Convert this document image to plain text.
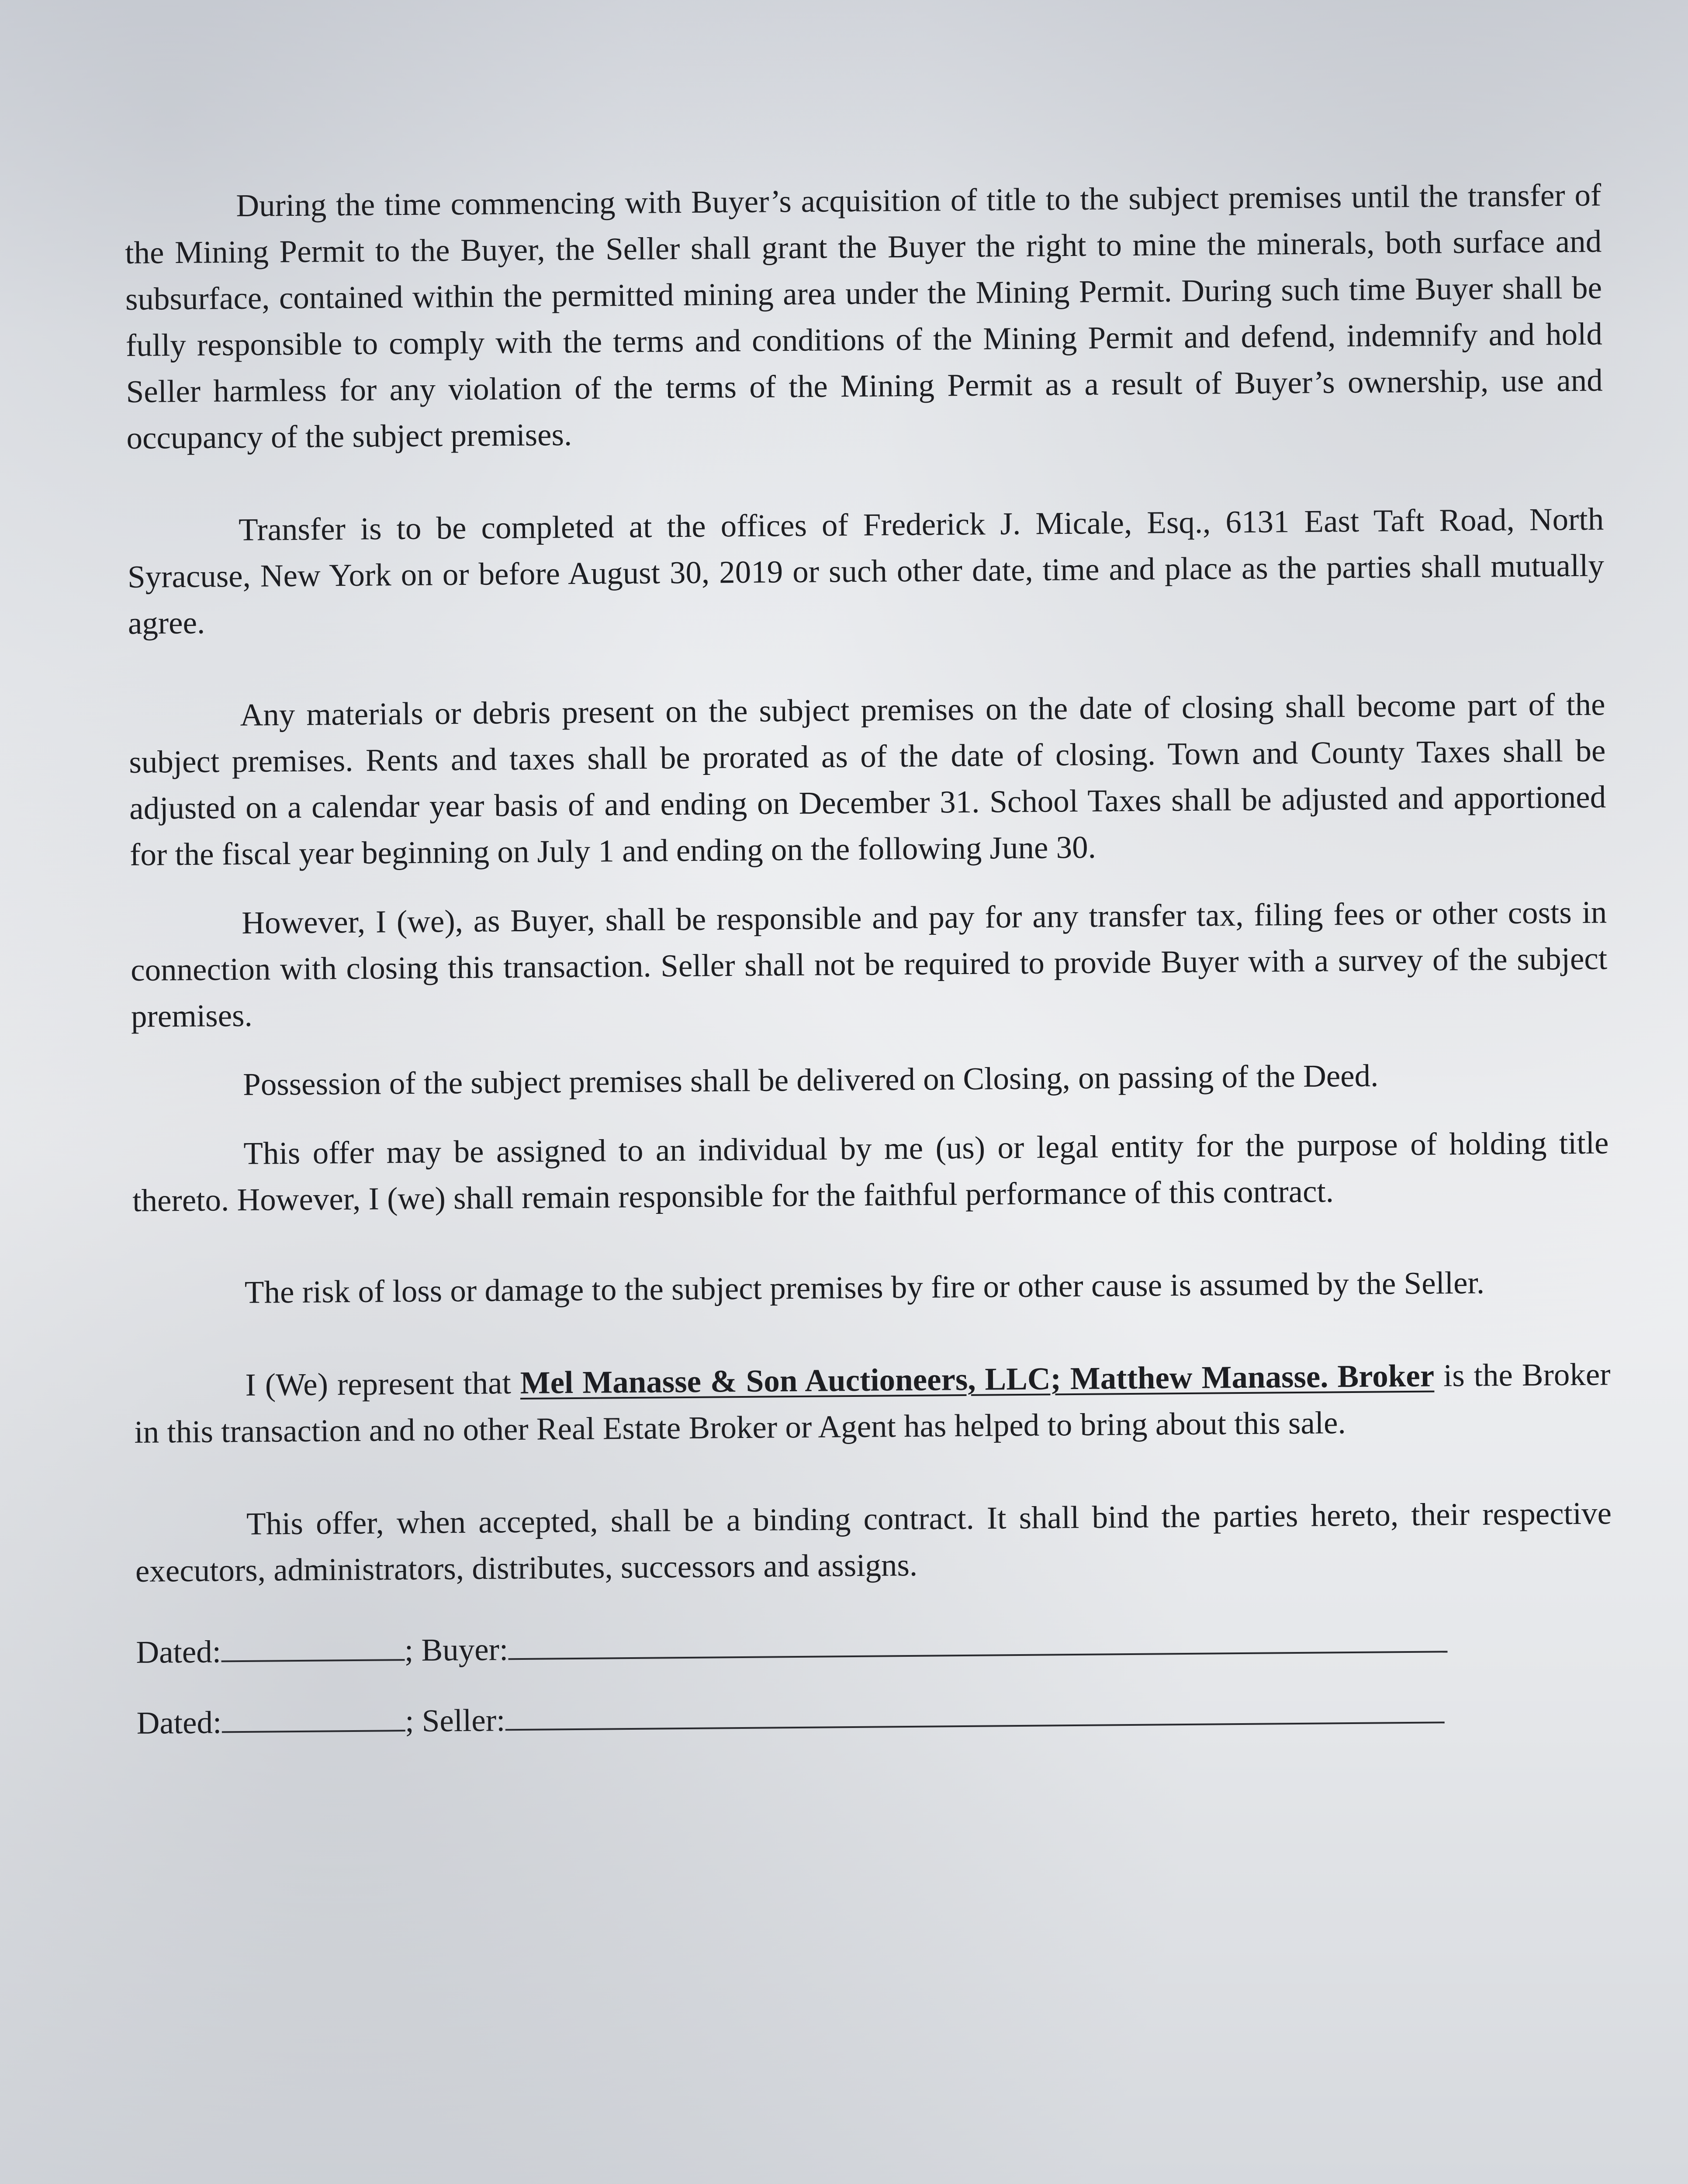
During the time commencing with Buyer’s acquisition of title to the subject premises until the transfer of the Mining Permit to the Buyer, the Seller shall grant the Buyer the right to mine the minerals, both surface and subsurface, contained within the permitted mining area under the Mining Permit. During such time Buyer shall be fully responsible to comply with the terms and conditions of the Mining Permit and defend, indemnify and hold Seller harmless for any violation of the terms of the Mining Permit as a result of Buyer’s ownership, use and occupancy of the subject premises.

Transfer is to be completed at the offices of Frederick J. Micale, Esq., 6131 East Taft Road, North Syracuse, New York on or before August 30, 2019 or such other date, time and place as the parties shall mutually agree.

Any materials or debris present on the subject premises on the date of closing shall become part of the subject premises. Rents and taxes shall be prorated as of the date of closing. Town and County Taxes shall be adjusted on a calendar year basis of and ending on December 31. School Taxes shall be adjusted and apportioned for the fiscal year beginning on July 1 and ending on the following June 30.

However, I (we), as Buyer, shall be responsible and pay for any transfer tax, filing fees or other costs in connection with closing this transaction. Seller shall not be required to provide Buyer with a survey of the subject premises.

Possession of the subject premises shall be delivered on Closing, on passing of the Deed.

This offer may be assigned to an individual by me (us) or legal entity for the purpose of holding title thereto. However, I (we) shall remain responsible for the faithful performance of this contract.

The risk of loss or damage to the subject premises by fire or other cause is assumed by the Seller.

I (We) represent that Mel Manasse & Son Auctioneers, LLC; Matthew Manasse. Broker is the Broker in this transaction and no other Real Estate Broker or Agent has helped to bring about this sale.

This offer, when accepted, shall be a binding contract. It shall bind the parties hereto, their respective executors, administrators, distributes, successors and assigns.

Dated:	; Buyer:
Dated:	; Seller:
